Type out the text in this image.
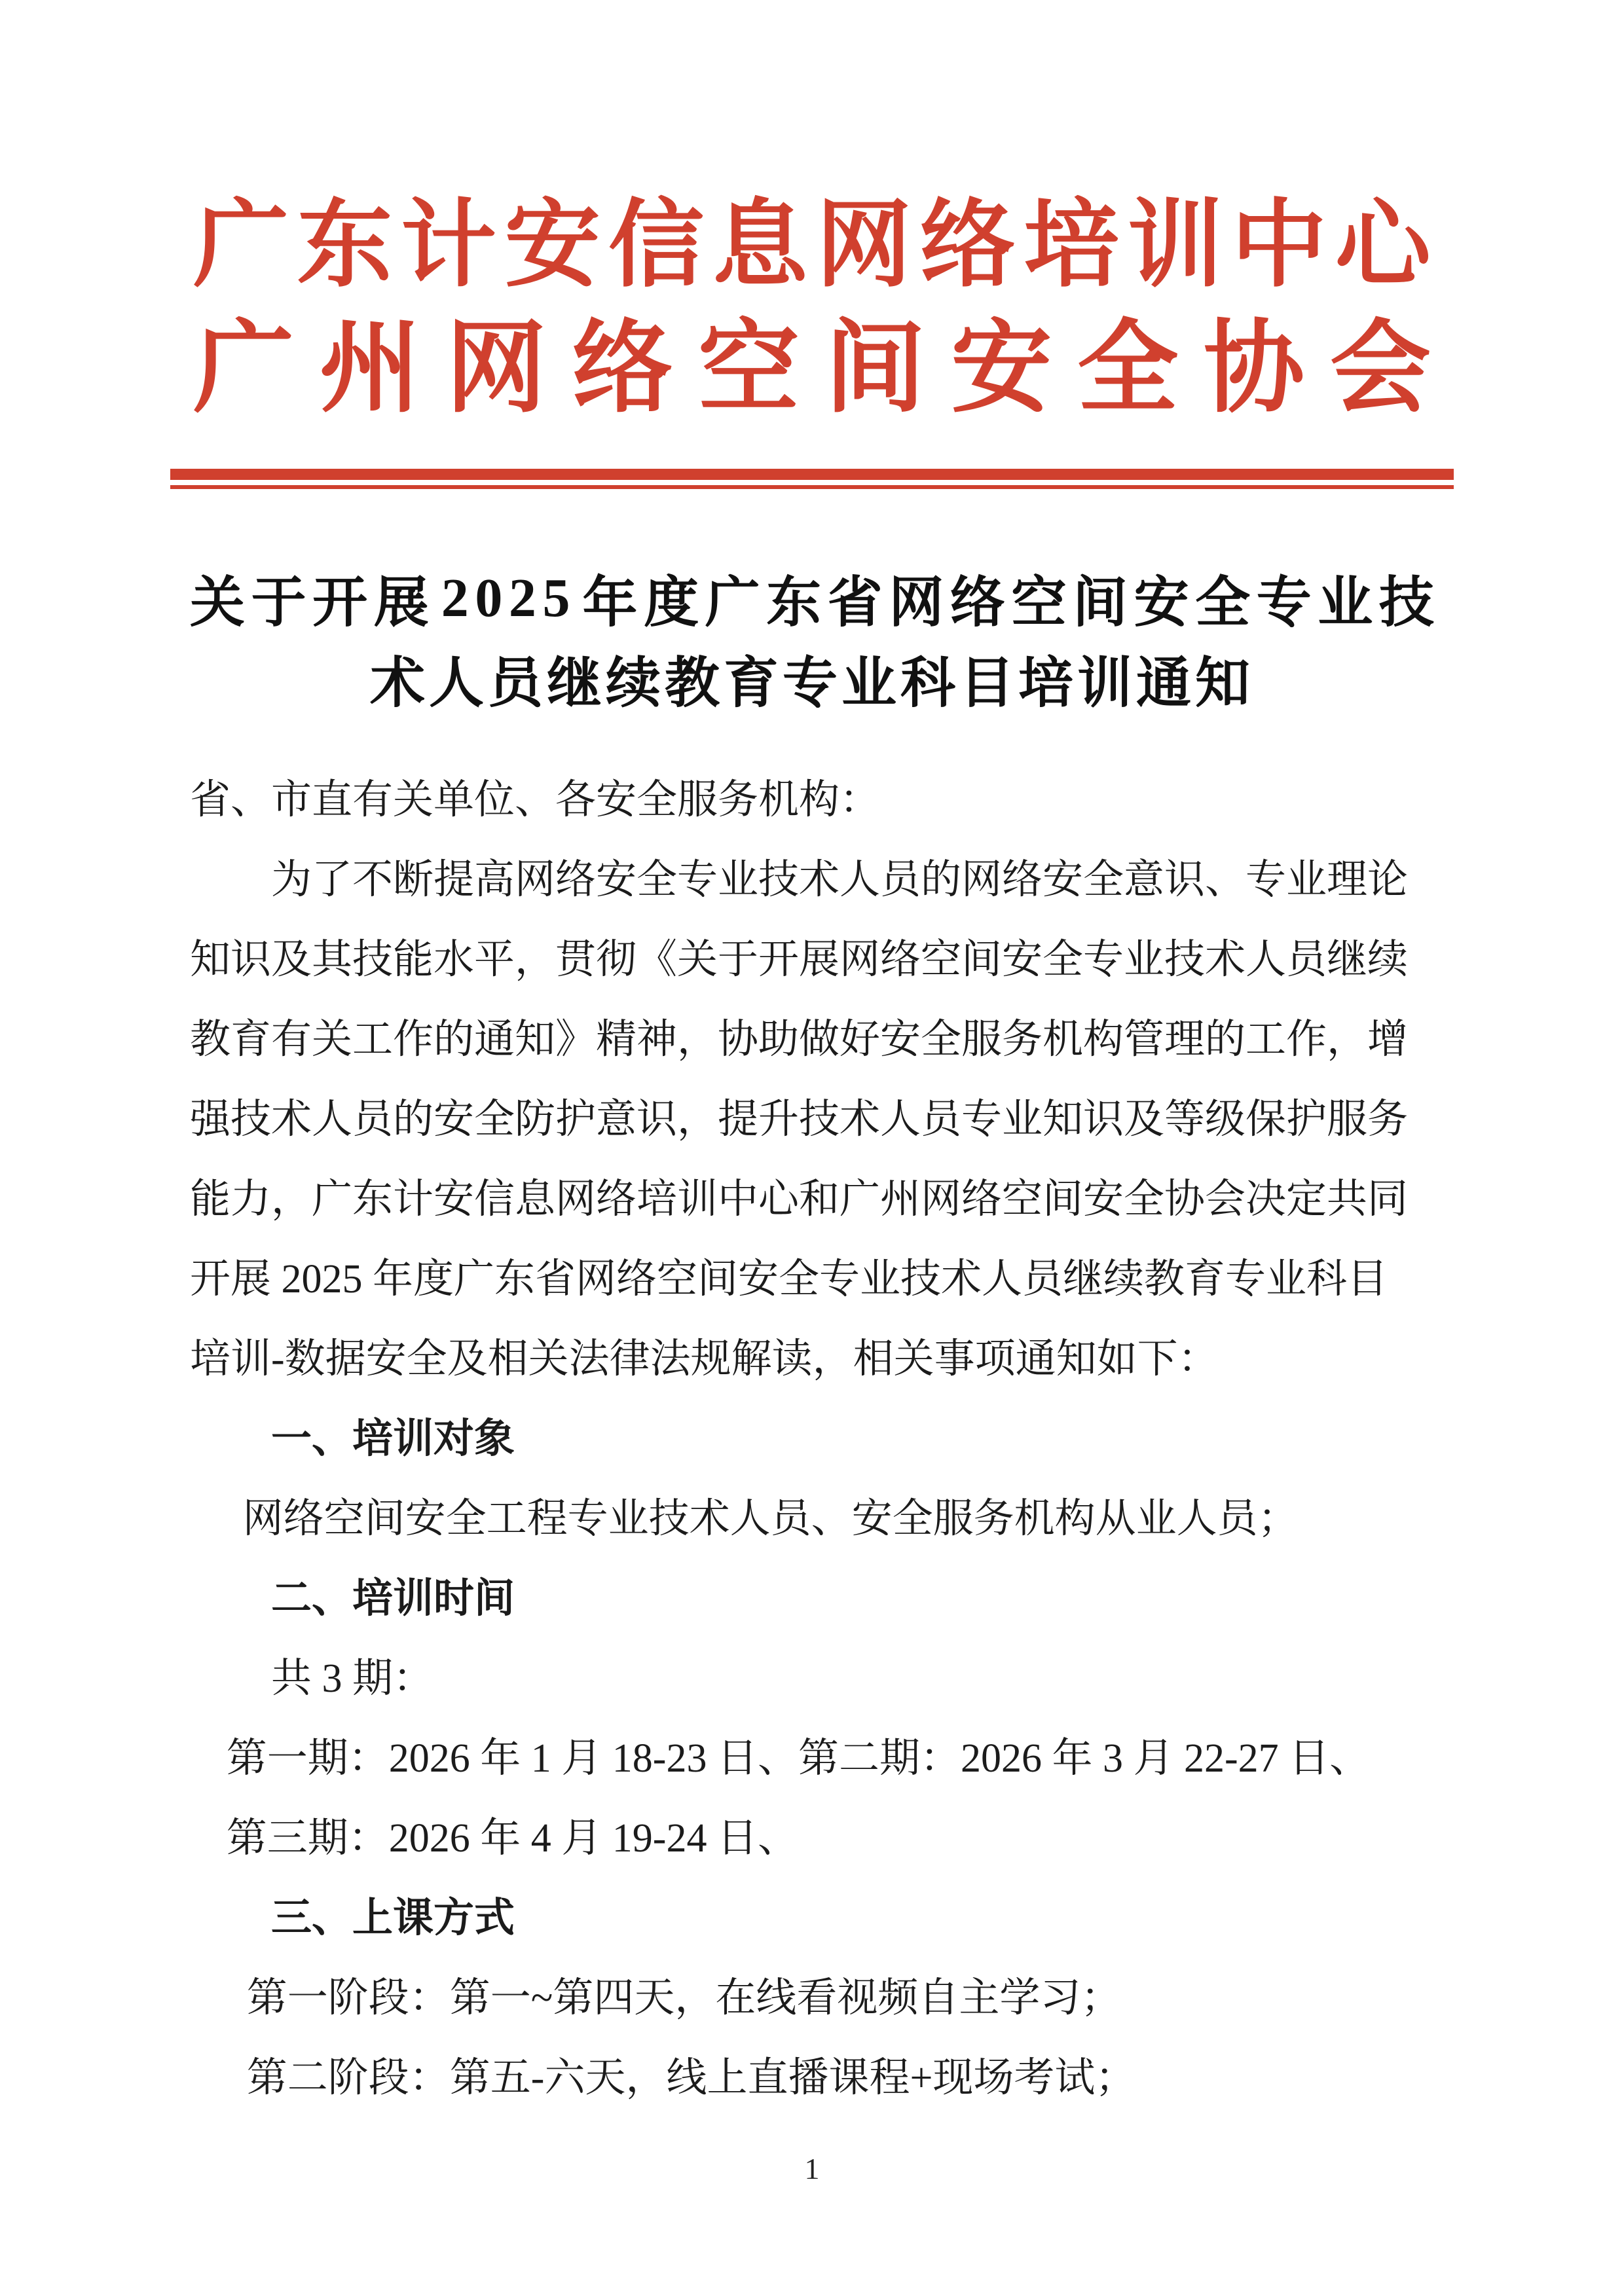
广 东 计 安 信 息 网 络 培 训 中 心
广 州 网 络 空 间 安 全 协 会
关 于 开 展 2 0 2 5 年 度 广 东 省 网 络 空 间 安 全 专 业 技
术人员继续教育专业科目培训通知
省、市直有关单位、各安全服务机构：
为了不断提高网络安全专业技术人员的网络安全意识、专业理论
知识及其技能水平，贯彻《关于开展网络空间安全专业技术人员继续
教育有关工作的通知》精神，协助做好安全服务机构管理的工作，增
强技术人员的安全防护意识，提升技术人员专业知识及等级保护服务
能力，广东计安信息网络培训中心和广州网络空间安全协会决定共同
开展 2025 年度广东省网络空间安全专业技术人员继续教育专业科目
培训-数据安全及相关法律法规解读，相关事项通知如下：
一、培训对象
网络空间安全工程专业技术人员、安全服务机构从业人员；
二、培训时间
共 3 期：
第一期：2026 年 1 月 18-23 日、第二期：2026 年 3 月 22-27 日、
第三期：2026 年 4 月 19-24 日、
三、上课方式
第一阶段：第一~第四天，在线看视频自主学习；
第二阶段：第五-六天，线上直播课程+现场考试；
1
